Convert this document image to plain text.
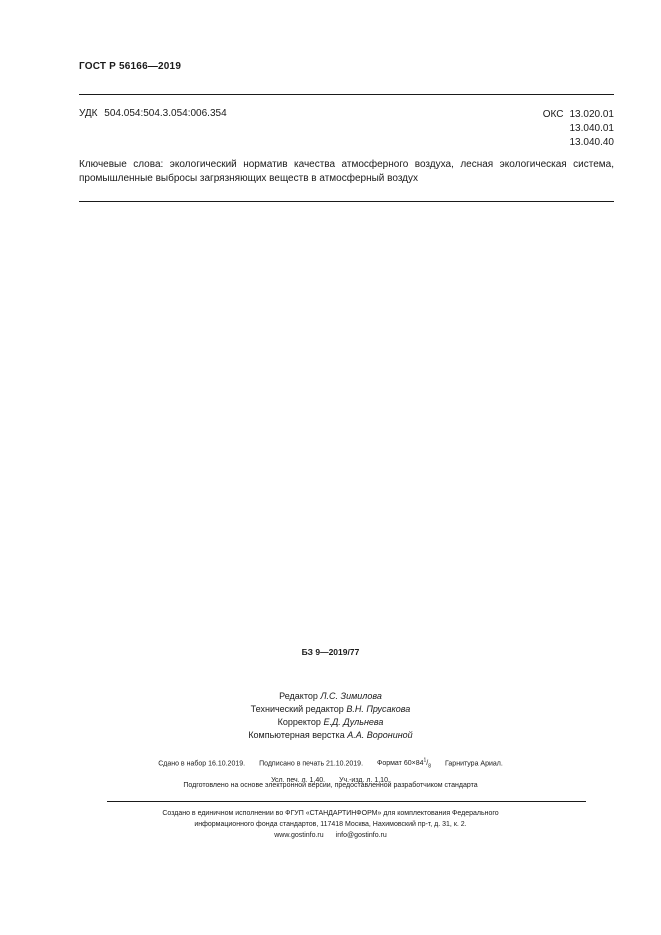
ГОСТ Р 56166—2019
УДК 504.054:504.3.054:006.354	ОКС 13.020.01
13.040.01
13.040.40
Ключевые слова: экологический норматив качества атмосферного воздуха, лесная экологическая система, промышленные выбросы загрязняющих веществ в атмосферный воздух
БЗ 9—2019/77
Редактор Л.С. Зимилова
Технический редактор В.Н. Прусакова
Корректор Е.Д. Дульнева
Компьютерная верстка А.А. Ворониной
Сдано в набор 16.10.2019. Подписано в печать 21.10.2019. Формат $60\times 84^1/_8$ Гарнитура Ариал.
Усл. печ. л. 1,40. Уч.-изд. л. 1,10.
Подготовлено на основе электронной версии, предоставленной разработчиком стандарта
Создано в единичном исполнении во ФГУП «СТАНДАРТИНФОРМ» для комплектования Федерального
информационного фонда стандартов, 117418 Москва, Нахимовский пр-т, д. 31, к. 2.
www.gostinfo.ru info@gostinfo.ru
